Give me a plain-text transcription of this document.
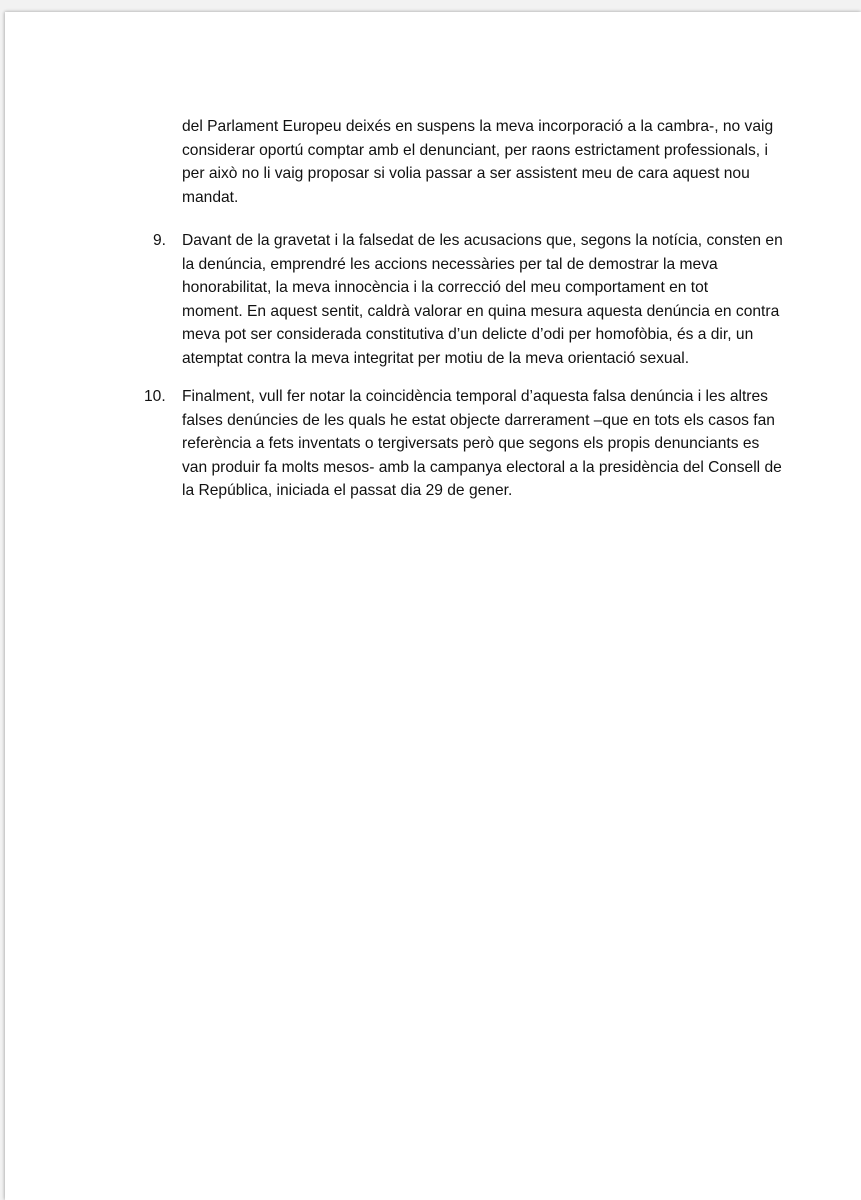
del Parlament Europeu deixés en suspens la meva incorporació a la cambra-, no vaig
considerar oportú comptar amb el denunciant, per raons estrictament professionals, i
per això no li vaig proposar si volia passar a ser assistent meu de cara aquest nou
mandat.
9. Davant de la gravetat i la falsedat de les acusacions que, segons la notícia, consten en
la denúncia, emprendré les accions necessàries per tal de demostrar la meva
honorabilitat, la meva innocència i la correcció del meu comportament en tot
moment. En aquest sentit, caldrà valorar en quina mesura aquesta denúncia en contra
meva pot ser considerada constitutiva d’un delicte d’odi per homofòbia, és a dir, un
atemptat contra la meva integritat per motiu de la meva orientació sexual.
10. Finalment, vull fer notar la coincidència temporal d’aquesta falsa denúncia i les altres
falses denúncies de les quals he estat objecte darrerament –que en tots els casos fan
referència a fets inventats o tergiversats però que segons els propis denunciants es
van produir fa molts mesos- amb la campanya electoral a la presidència del Consell de
la República, iniciada el passat dia 29 de gener.
